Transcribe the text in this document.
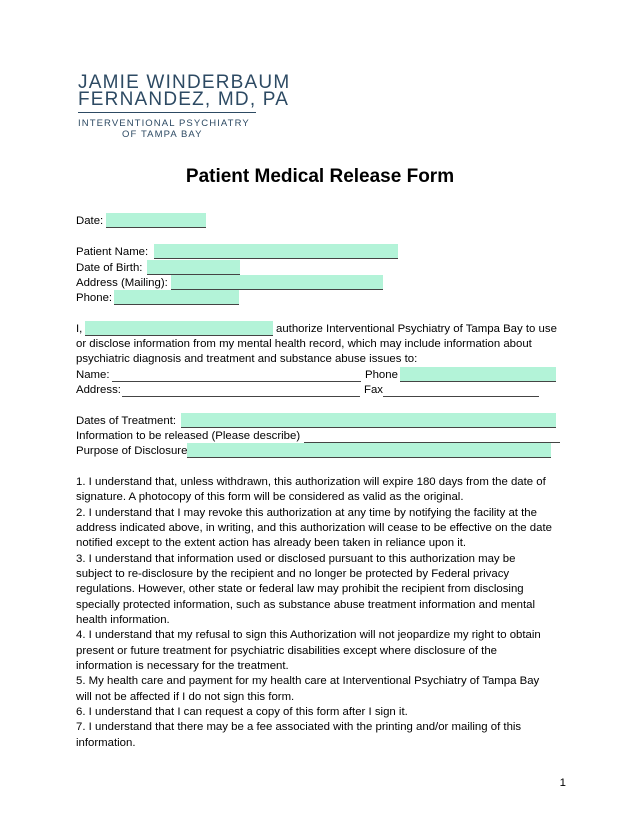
JAMIE WINDERBAUM
FERNANDEZ, MD, PA
INTERVENTIONAL PSYCHIATRY
OF TAMPA BAY
Patient Medical Release Form
Date:
Patient Name:
Date of Birth:
Address (Mailing):
Phone:
I,	authorize Interventional Psychiatry of Tampa Bay to use
or disclose information from my mental health record, which may include information about
psychiatric diagnosis and treatment and substance abuse issues to:
Name:	Phone
Address:	Fax
Dates of Treatment:
Information to be released (Please describe)
Purpose of Disclosure
1. I understand that, unless withdrawn, this authorization will expire 180 days from the date of
signature. A photocopy of this form will be considered as valid as the original.
2. I understand that I may revoke this authorization at any time by notifying the facility at the
address indicated above, in writing, and this authorization will cease to be effective on the date
notified except to the extent action has already been taken in reliance upon it.
3. I understand that information used or disclosed pursuant to this authorization may be
subject to re-disclosure by the recipient and no longer be protected by Federal privacy
regulations. However, other state or federal law may prohibit the recipient from disclosing
specially protected information, such as substance abuse treatment information and mental
health information.
4. I understand that my refusal to sign this Authorization will not jeopardize my right to obtain
present or future treatment for psychiatric disabilities except where disclosure of the
information is necessary for the treatment.
5. My health care and payment for my health care at Interventional Psychiatry of Tampa Bay
will not be affected if I do not sign this form.
6. I understand that I can request a copy of this form after I sign it.
7. I understand that there may be a fee associated with the printing and/or mailing of this
information.
1
